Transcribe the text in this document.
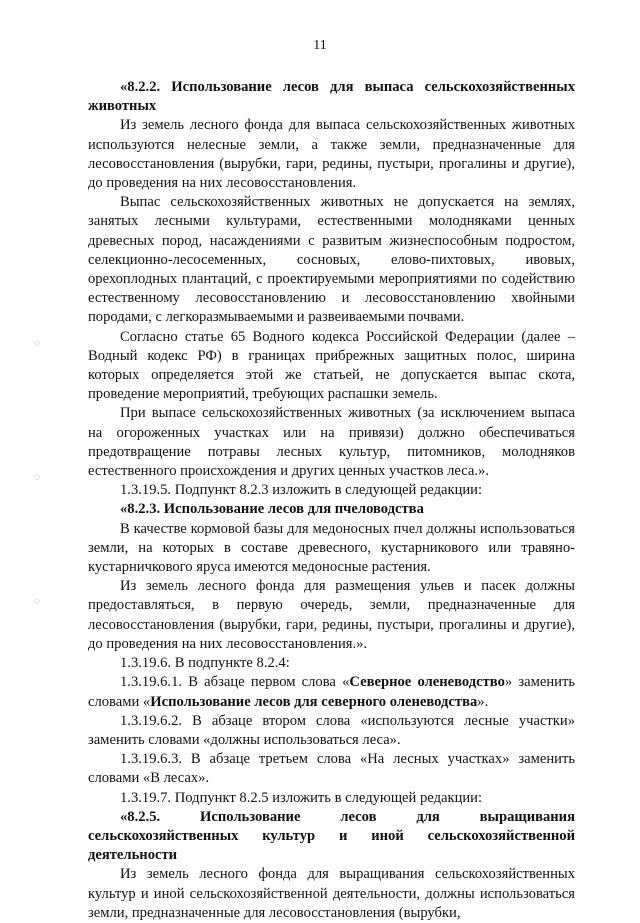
11
◌
◌
◌

«8.2.2. Использование лесов для выпаса сельскохозяйственных животных

Из земель лесного фонда для выпаса сельскохозяйственных животных используются нелесные земли, а также земли, предназначенные для лесовосстановления (вырубки, гари, редины, пустыри, прогалины и другие), до проведения на них лесовосстановления.

Выпас сельскохозяйственных животных не допускается на землях, занятых лесными культурами, естественными молодняками ценных древесных пород, насаждениями с развитым жизнеспособным подростом, селекционно-лесосеменных, сосновых, елово-пихтовых, ивовых, орехоплодных плантаций, с проектируемыми мероприятиями по содействию естественному лесовосстановлению и лесовосстановлению хвойными породами, с легкоразмываемыми и развеиваемыми почвами.

Согласно статье 65 Водного кодекса Российской Федерации (далее – Водный кодекс РФ) в границах прибрежных защитных полос, ширина которых определяется этой же статьей, не допускается выпас скота, проведение мероприятий, требующих распашки земель.

При выпасе сельскохозяйственных животных (за исключением выпаса на огороженных участках или на привязи) должно обеспечиваться предотвращение потравы лесных культур, питомников, молодняков естественного происхождения и других ценных участков леса.».

1.3.19.5. Подпункт 8.2.3 изложить в следующей редакции:

«8.2.3. Использование лесов для пчеловодства

В качестве кормовой базы для медоносных пчел должны использоваться земли, на которых в составе древесного, кустарникового или травяно-кустарничкового яруса имеются медоносные растения.

Из земель лесного фонда для размещения ульев и пасек должны предоставляться, в первую очередь, земли, предназначенные для лесовосстановления (вырубки, гари, редины, пустыри, прогалины и другие), до проведения на них лесовосстановления.».

1.3.19.6. В подпункте 8.2.4:

1.3.19.6.1. В абзаце первом слова «Северное оленеводство» заменить словами «Использование лесов для северного оленеводства».

1.3.19.6.2. В абзаце втором слова «используются лесные участки» заменить словами «должны использоваться леса».

1.3.19.6.3. В абзаце третьем слова «На лесных участках» заменить словами «В лесах».

1.3.19.7. Подпункт 8.2.5 изложить в следующей редакции:

«8.2.5. Использование лесов для выращивания сельскохозяйственных культур и иной сельскохозяйственной деятельности

Из земель лесного фонда для выращивания сельскохозяйственных культур и иной сельскохозяйственной деятельности, должны использоваться земли, предназначенные для лесовосстановления (вырубки,
